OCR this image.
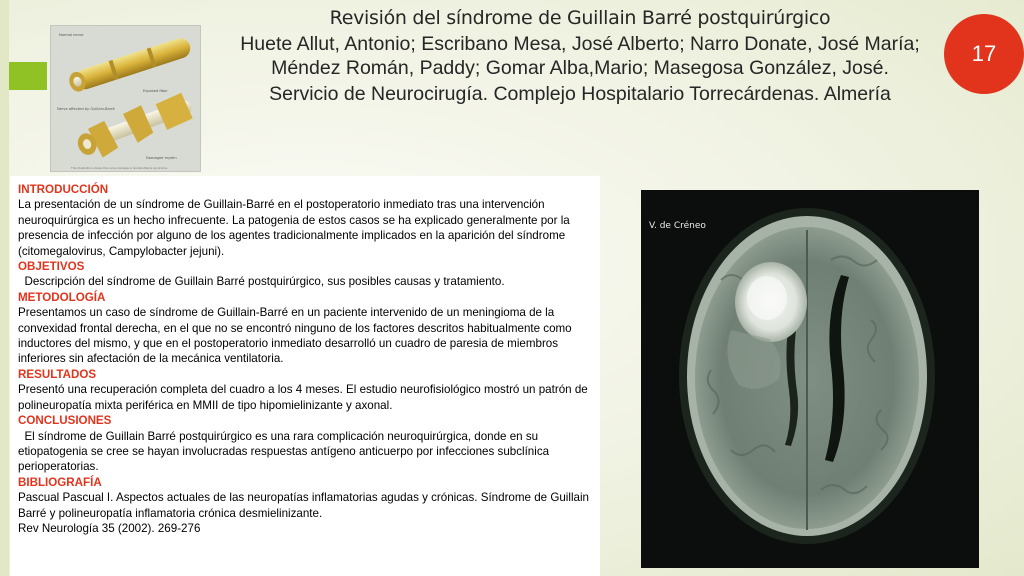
Normal nerve
Exposed fiber
Nerve affected by Guillain-Barré
Damaged myelin
This illustration shows the nerve damage in Guillain-Barré syndrome.
Revisión del síndrome de Guillain Barré postquirúrgico
Huete Allut, Antonio; Escribano Mesa, José Alberto; Narro Donate, José María; Méndez Román, Paddy; Gomar Alba,Mario; Masegosa González, José.
Servicio de Neurocirugía. Complejo Hospitalario Torrecárdenas. Almería
17
INTRODUCCIÓN

La presentación de un síndrome de Guillain-Barré en el postoperatorio inmediato tras una intervención neuroquirúrgica es un hecho infrecuente. La patogenia de estos casos se ha explicado generalmente por la presencia de infección por alguno de los agentes tradicionalmente implicados en la aparición del síndrome (citomegalovirus, Campylobacter jejuni).

OBJETIVOS

Descripción del síndrome de Guillain Barré postquirúrgico, sus posibles causas y tratamiento.

METODOLOGÍA

Presentamos un caso de síndrome de Guillain-Barré en un paciente intervenido de un meningioma de la convexidad frontal derecha, en el que no se encontró ninguno de los factores descritos habitualmente como inductores del mismo, y que en el postoperatorio inmediato desarrolló un cuadro de paresia de miembros inferiores sin afectación de la mecánica ventilatoria.

RESULTADOS

Presentó una recuperación completa del cuadro a los 4 meses. El estudio neurofisiológico mostró un patrón de polineuropatía mixta periférica en MMII de tipo hipomielinizante y axonal.

CONCLUSIONES

El síndrome de Guillain Barré postquirúrgico es una rara complicación neuroquirúrgica, donde en su etiopatogenia se cree se hayan involucradas respuestas antígeno anticuerpo por infecciones subclínica perioperatorias.

BIBLIOGRAFÍA

Pascual Pascual I. Aspectos actuales de las neuropatías inflamatorias agudas y crónicas. Síndrome de Guillain Barré y polineuropatía inflamatoria crónica desmielinizante.

Rev Neurología 35 (2002). 269-276

V. de Créneo
